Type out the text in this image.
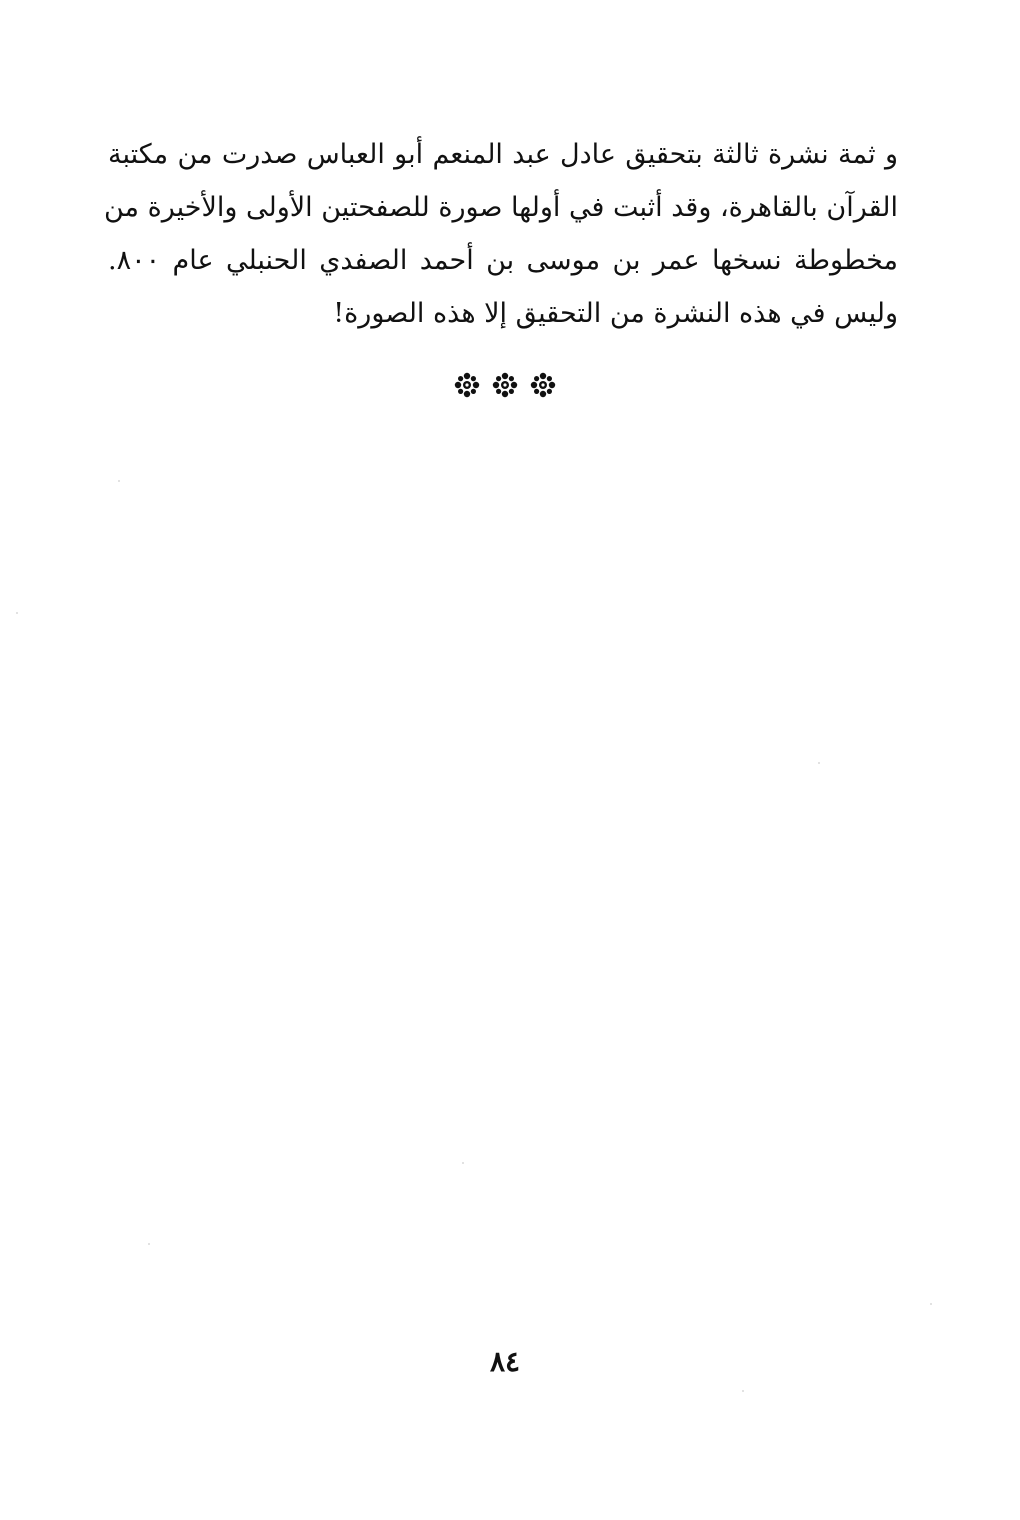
و ثمة نشرة ثالثة بتحقيق عادل عبد المنعم أبو العباس صدرت من مكتبة
القرآن بالقاهرة، وقد أثبت في أولها صورة للصفحتين الأولى والأخيرة من
مخطوطة نسخها عمر بن موسى بن أحمد الصفدي الحنبلي عام ٨٠٠.
وليس في هذه النشرة من التحقيق إلا هذه الصورة!
٨٤
